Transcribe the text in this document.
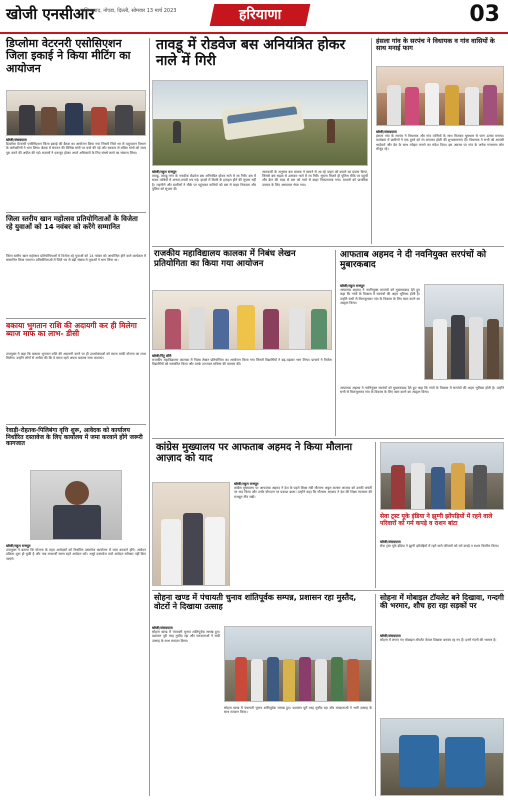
खोजी एनसीआर
गाजियाबाद, नोएडा, दिल्ली, सोमवार 13 मार्च 2023	हरियाणा	03
डिप्लोमा वेटरनरी एसोसिएशन जिला इकाई ने किया मीटिंग का आयोजन
खोजी/संवाददाता
डिप्लोमा वेटरनरी एसोसिएशन जिला इकाई की बैठक का आयोजन किया गया जिसमें जिले भर से पशुपालन विभाग के कर्मचारियों ने भाग लिया। बैठक में संगठन की विभिन्न मांगों पर चर्चा की गई और सरकार से लंबित मांगों को जल्द पूरा करने की अपील की गई। सदस्यों ने एकजुट होकर अपने अधिकारों के लिए संघर्ष करने का संकल्प लिया।
जिला स्तरीय खान महोत्सव प्रतियोगिताओं के विजेता रहे युवाओं को 14 नवंबर को करेंगे सम्मानित
जिला स्तरीय खान महोत्सव प्रतियोगिताओं में विजेता रहे युवाओं को 14 नवंबर को आयोजित होने वाले कार्यक्रम में सम्मानित किया जाएगा। प्रतियोगिताओं में जिले भर से बड़ी संख्या में युवाओं ने भाग लिया था।
बकाया भुगतान राशि की अदायगी कर ही मिलेगा ब्याज माफ का लाभ- डीसी
उपायुक्त ने कहा कि बकाया भुगतान राशि की अदायगी करने पर ही उपभोक्ताओं को ब्याज माफी योजना का लाभ मिलेगा। उन्होंने लोगों से अपील की कि वे समय रहते अपना बकाया जमा करवाएं।
रेवाड़ी-रोहतक-पिलिबंगा वृत्ति शुरू, आवेदक को कार्यालय निर्धारित दस्तावेज के लिए कार्यालय में जमा करवाने होंगे जरूरी कागजात
खोजी/राहुल राजपूत
उपायुक्त ने बताया कि योजना के तहत आवेदकों को निर्धारित दस्तावेज कार्यालय में जमा करवाने होंगे। आवेदन प्रक्रिया शुरू हो चुकी है और पात्र लाभार्थी समय रहते आवेदन करें। अधूरे दस्तावेज वाले आवेदन स्वीकार नहीं किए जाएंगे।
तावडू में रोडवेज बस अनियंत्रित होकर नाले में गिरी
खोजी/राहुल राजपूत
तावडू. तावडू नगर के नजदीक रोडवेज बस अनियंत्रित होकर नाले में जा गिरी। बस में सवार यात्रियों में अफरा-तफरी मच गई। हादसे में किसी के हताहत होने की सूचना नहीं है। राहगीरों और ग्रामीणों ने मौके पर पहुंचकर यात्रियों को बस से बाहर निकाला और पुलिस को सूचना दी।
जानकारी के अनुसार बस चालक ने सामने से आ रहे वाहन को बचाने का प्रयास किया, जिससे बस सड़क से उतरकर नाले में जा गिरी। सूचना मिलते ही पुलिस मौके पर पहुंची और क्रेन की मदद से बस को नाले से बाहर निकलवाया गया। घायलों को प्राथमिक उपचार के लिए अस्पताल भेजा गया।
हंसला गांव के सरपंच ने विधायक व गांव वासियों के साथ मनाई फाग
खोजी/संवाददाता
हंसला गांव के सरपंच ने विधायक और गांव वासियों के साथ मिलकर धूमधाम से फाग उत्सव मनाया। कार्यक्रम में ग्रामीणों ने एक दूसरे को रंग लगाकर होली की शुभकामनाएं दीं। विधायक ने सभी को आपसी भाईचारे और प्रेम के साथ त्योहार मनाने का संदेश दिया। इस अवसर पर गांव के अनेक गणमान्य लोग मौजूद रहे।
राजकीय महाविद्यालय कालका में निबंध लेखन प्रतियोगिता का किया गया आयोजन
खोजी/पिंटू सौरी
राजकीय महाविद्यालय कालका में निबंध लेखन प्रतियोगिता का आयोजन किया गया जिसमें विद्यार्थियों ने बढ़-चढ़कर भाग लिया। प्राचार्य ने विजेता विद्यार्थियों को सम्मानित किया और उनके उज्ज्वल भविष्य की कामना की।
आफताब अहमद ने दी नवनियुक्त सरपंचों को मुबारकबाद
खोजी/राहुल राजपूत
आफताब अहमद ने नवनियुक्त सरपंचों को मुबारकबाद देते हुए कहा कि गांवों के विकास में सरपंचों की अहम भूमिका होती है। उन्होंने सभी से मिलजुलकर गांव के विकास के लिए काम करने का आह्वान किया।
आफताब अहमद ने नवनियुक्त सरपंचों को मुबारकबाद देते हुए कहा कि गांवों के विकास में सरपंचों की अहम भूमिका होती है। उन्होंने सभी से मिलजुलकर गांव के विकास के लिए काम करने का आह्वान किया।
कांग्रेस मुख्यालय पर आफताब अहमद ने किया मौलाना आज़ाद को याद
खोजी/राहुल राजपूत
कांग्रेस मुख्यालय पर आफताब अहमद ने देश के पहले शिक्षा मंत्री मौलाना अबुल कलाम आज़ाद को उनकी जयंती पर याद किया और उनके योगदान पर प्रकाश डाला। उन्होंने कहा कि मौलाना आज़ाद ने देश की शिक्षा व्यवस्था की मजबूत नींव रखी।
सेवा ट्रस्ट यूके इंडिया ने झुग्गी झोंपड़ियों में रहने वाले परिवारों को गर्म कपड़े व राशन बांटा
खोजी/संवाददाता
सेवा ट्रस्ट यूके इंडिया ने झुग्गी झोंपड़ियों में रहने वाले परिवारों को गर्म कपड़े व राशन वितरित किया।
सोहना खण्ड में पंचायती चुनाव शांतिपूर्वक सम्पन्न, प्रशासन रहा मुस्तैद, वोटरों ने दिखाया उत्साह
खोजी/संवाददाता
सोहना खण्ड में पंचायती चुनाव शांतिपूर्वक सम्पन्न हुए। प्रशासन पूरी तरह मुस्तैद रहा और मतदाताओं ने भारी उत्साह के साथ मतदान किया।
सोहना खण्ड में पंचायती चुनाव शांतिपूर्वक सम्पन्न हुए। प्रशासन पूरी तरह मुस्तैद रहा और मतदाताओं ने भारी उत्साह के साथ मतदान किया।
सोहना में मोबाइल टॉयलेट बने दिखावा, गन्दगी की भरमार, शौच हरा रहा सड़कों पर
खोजी/संवाददाता
सोहना में लगाए गए मोबाइल टॉयलेट केवल दिखावा बनकर रह गए हैं। इनमें गंदगी की भरमार है।
